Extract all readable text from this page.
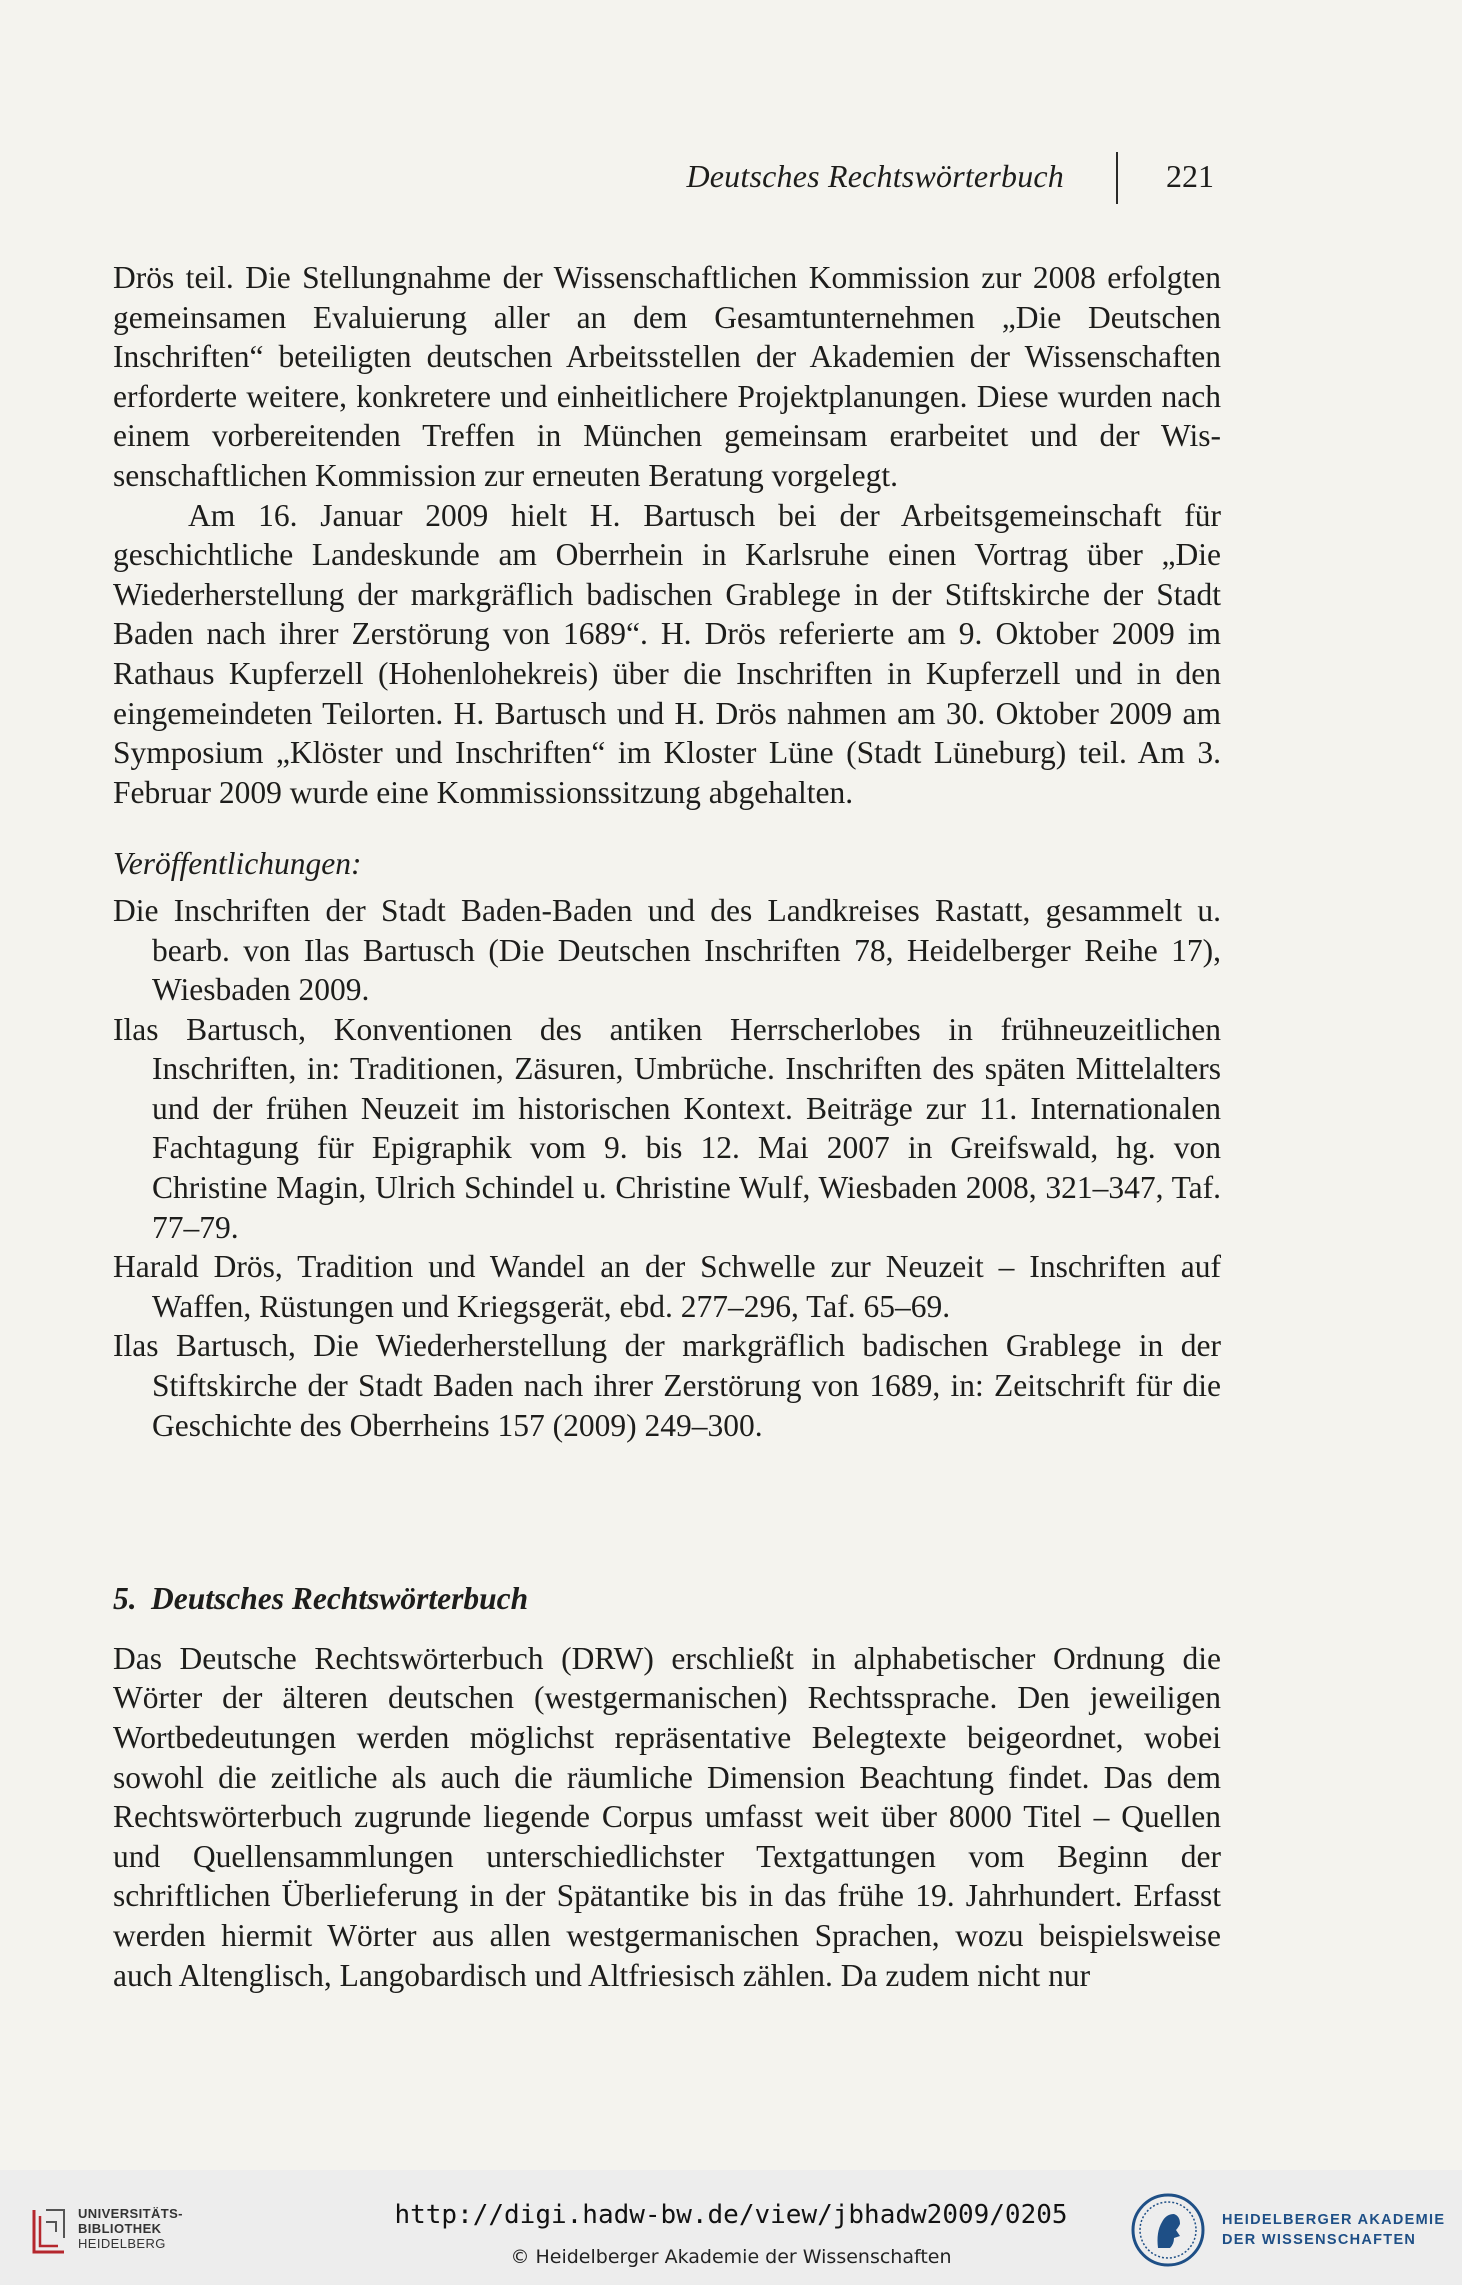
Deutsches Rechtswörterbuch	221

Drös teil. Die Stellungnahme der Wissenschaftlichen Kommission zur 2008 erfolgten gemeinsamen Evaluierung aller an dem Gesamtunternehmen „Die Deutschen Inschriften“ beteiligten deutschen Arbeitsstellen der Akademien der Wissenschaften erforderte weitere, konkretere und einheitlichere Projektplanungen. Diese wurden nach einem vorbereitenden Treffen in München gemeinsam erarbeitet und der Wissenschaftlichen Kommission zur erneuten Beratung vorgelegt.

Am 16. Januar 2009 hielt H. Bartusch bei der Arbeitsgemeinschaft für geschichtliche Landeskunde am Oberrhein in Karlsruhe einen Vortrag über „Die Wiederherstellung der markgräflich badischen Grablege in der Stiftskirche der Stadt Baden nach ihrer Zerstörung von 1689“. H. Drös referierte am 9. Oktober 2009 im Rathaus Kupferzell (Hohenlohekreis) über die Inschriften in Kupferzell und in den eingemeindeten Teilorten. H. Bartusch und H. Drös nahmen am 30. Oktober 2009 am Symposium „Klöster und Inschriften“ im Kloster Lüne (Stadt Lüneburg) teil. Am 3. Februar 2009 wurde eine Kommissionssitzung abgehalten.

Veröffentlichungen:

Die Inschriften der Stadt Baden-Baden und des Landkreises Rastatt, gesammelt u. bearb. von Ilas Bartusch (Die Deutschen Inschriften 78, Heidelberger Reihe 17), Wiesbaden 2009.

Ilas Bartusch, Konventionen des antiken Herrscherlobes in frühneuzeitlichen Inschriften, in: Traditionen, Zäsuren, Umbrüche. Inschriften des späten Mittelalters und der frühen Neuzeit im historischen Kontext. Beiträge zur 11. Internationalen Fachtagung für Epigraphik vom 9. bis 12. Mai 2007 in Greifswald, hg. von Christine Magin, Ulrich Schindel u. Christine Wulf, Wiesbaden 2008, 321–347, Taf. 77–79.

Harald Drös, Tradition und Wandel an der Schwelle zur Neuzeit – Inschriften auf Waffen, Rüstungen und Kriegsgerät, ebd. 277–296, Taf. 65–69.

Ilas Bartusch, Die Wiederherstellung der markgräflich badischen Grablege in der Stiftskirche der Stadt Baden nach ihrer Zerstörung von 1689, in: Zeitschrift für die Geschichte des Oberrheins 157 (2009) 249–300.

5. Deutsches Rechtswörterbuch

Das Deutsche Rechtswörterbuch (DRW) erschließt in alphabetischer Ordnung die Wörter der älteren deutschen (westgermanischen) Rechtssprache. Den jeweiligen Wortbedeutungen werden möglichst repräsentative Belegtexte beigeordnet, wobei sowohl die zeitliche als auch die räumliche Dimension Beachtung findet. Das dem Rechtswörterbuch zugrunde liegende Corpus umfasst weit über 8000 Titel – Quellen und Quellensammlungen unterschiedlichster Textgattungen vom Beginn der schriftlichen Überlieferung in der Spätantike bis in das frühe 19. Jahrhundert. Erfasst werden hiermit Wörter aus allen westgermanischen Sprachen, wozu beispielsweise auch Altenglisch, Langobardisch und Altfriesisch zählen. Da zudem nicht nur

UNIVERSITÄTS-
BIBLIOTHEK
HEIDELBERG
http://digi.hadw-bw.de/view/jbhadw2009/0205
© Heidelberger Akademie der Wissenschaften
HEIDELBERGER AKADEMIE
DER WISSENSCHAFTEN
